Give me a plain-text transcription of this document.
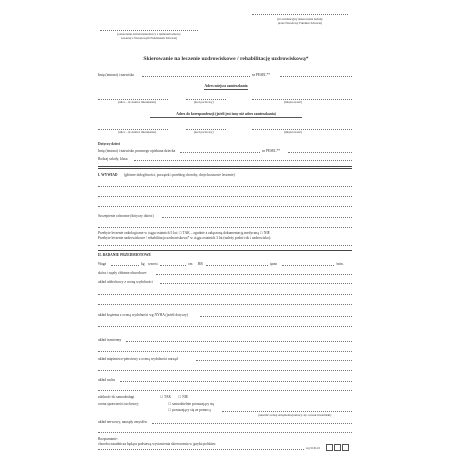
(oznaczenie świadczeniodawcy z numerem umowy
zawartej z Narodowym Funduszem Zdrowia)
(nr ewidencyjny skierowania nadany
przez Narodowy Fundusz Zdrowia)
Skierowanie na leczenie uzdrowiskowe / rehabilitację uzdrowiskową*
Imię (imiona) i nazwisko	nr PESEL**
Adres miejsca zamieszkania
(ulica – nr domu i mieszkania)	(kod pocztowy)	(miejscowość)
Adres do korespondencji (jeżeli jest inny niż adres zamieszkania)
(ulica – nr domu i mieszkania)	(kod pocztowy)	(miejscowość)
Dotyczy dzieci
Imię (imiona) i nazwisko prawnego opiekuna dziecka	nr PESEL**
Rodzaj szkoły, klasa
I. WYWIAD (główne dolegliwości, początek i przebieg choroby, dotychczasowe leczenie)
Szczepienie ochronne (dotyczy dzieci)
Przebyte leczenie onkologiczne w ciągu ostatnich 5 lat: ☐ TAK – zgodnie z załączoną dokumentacją medyczną ☐ NIE
Przebyte leczenie uzdrowiskowe / rehabilitacja uzdrowiskowa* w ciągu ostatnich 3 lat (należy podać rok i uzdrowisko):
II. BADANIE PRZEDMIOTOWE
Waga	kg wzrost	cm RR	tętno	/min.
skóra i węzły chłonne obwodowe:
układ oddechowy z oceną wydolności
układ krążenia z oceną wydolności wg NYHA (jeżeli dotyczy)
układ trawienny
układ mięśniowo-piersiowy z oceną wydolności narząd
układ ruchu
zdolność do samoobsługi	☐ TAK ☐ NIE
ocena sprawności ruchowej:	☐ samodzielnie poruszający się
☐ poruszający się za pomocą
(określić rodzaj urządzenia/pomocy, np. wózek inwalidzki)
układ nerwowy, narządy zmysłów
Rozpoznanie:
choroba zasadnicza będąca podstawą wystawienia skierowania w języku polskim:
wg ICD-10
